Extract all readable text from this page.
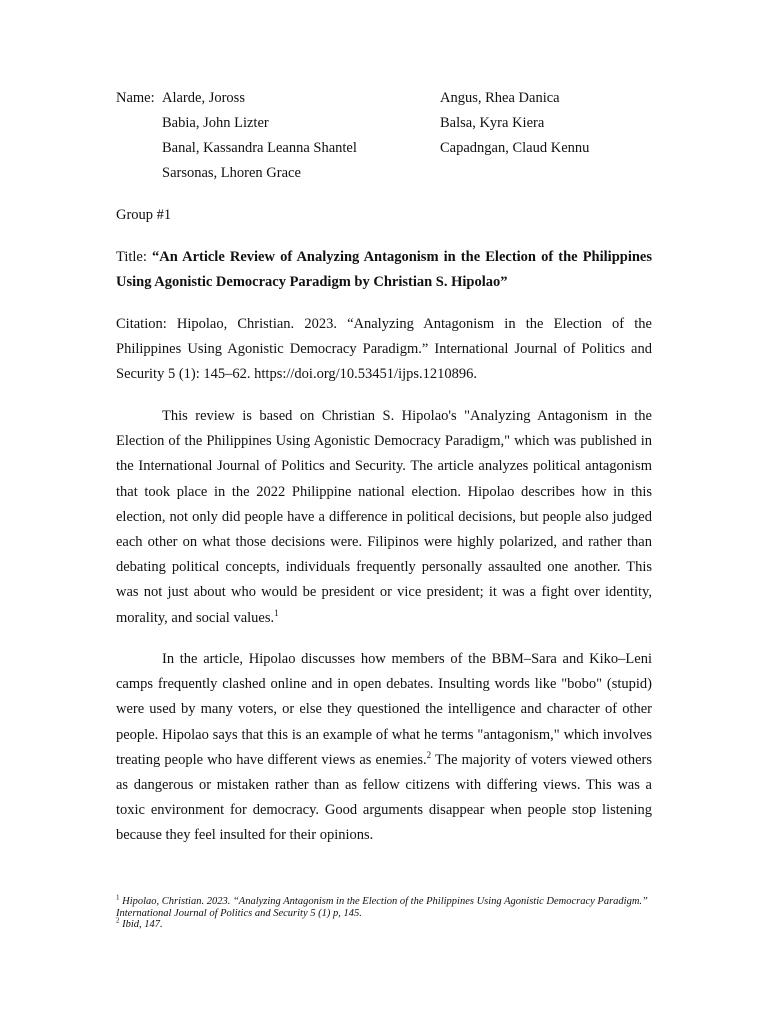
Name: Alarde, Joross
Babia, John Lizter
Banal, Kassandra Leanna Shantel
Sarsonas, Lhoren Grace
Angus, Rhea Danica
Balsa, Kyra Kiera
Capadngan, Claud Kennu
Group #1
Title: “An Article Review of Analyzing Antagonism in the Election of the Philippines Using Agonistic Democracy Paradigm by Christian S. Hipolao”
Citation: Hipolao, Christian. 2023. “Analyzing Antagonism in the Election of the Philippines Using Agonistic Democracy Paradigm.” International Journal of Politics and Security 5 (1): 145–62. https://doi.org/10.53451/ijps.1210896.
This review is based on Christian S. Hipolao's "Analyzing Antagonism in the Election of the Philippines Using Agonistic Democracy Paradigm," which was published in the International Journal of Politics and Security. The article analyzes political antagonism that took place in the 2022 Philippine national election. Hipolao describes how in this election, not only did people have a difference in political decisions, but people also judged each other on what those decisions were. Filipinos were highly polarized, and rather than debating political concepts, individuals frequently personally assaulted one another. This was not just about who would be president or vice president; it was a fight over identity, morality, and social values.$^1$
In the article, Hipolao discusses how members of the BBM–Sara and Kiko–Leni camps frequently clashed online and in open debates. Insulting words like "bobo" (stupid) were used by many voters, or else they questioned the intelligence and character of other people. Hipolao says that this is an example of what he terms "antagonism," which involves treating people who have different views as enemies.$^2$ The majority of voters viewed others as dangerous or mistaken rather than as fellow citizens with differing views. This was a toxic environment for democracy. Good arguments disappear when people stop listening because they feel insulted for their opinions.
$^1$ Hipolao, Christian. 2023. “Analyzing Antagonism in the Election of the Philippines Using Agonistic Democracy Paradigm.” International Journal of Politics and Security 5 (1) p, 145.
$^2$ Ibid, 147.
